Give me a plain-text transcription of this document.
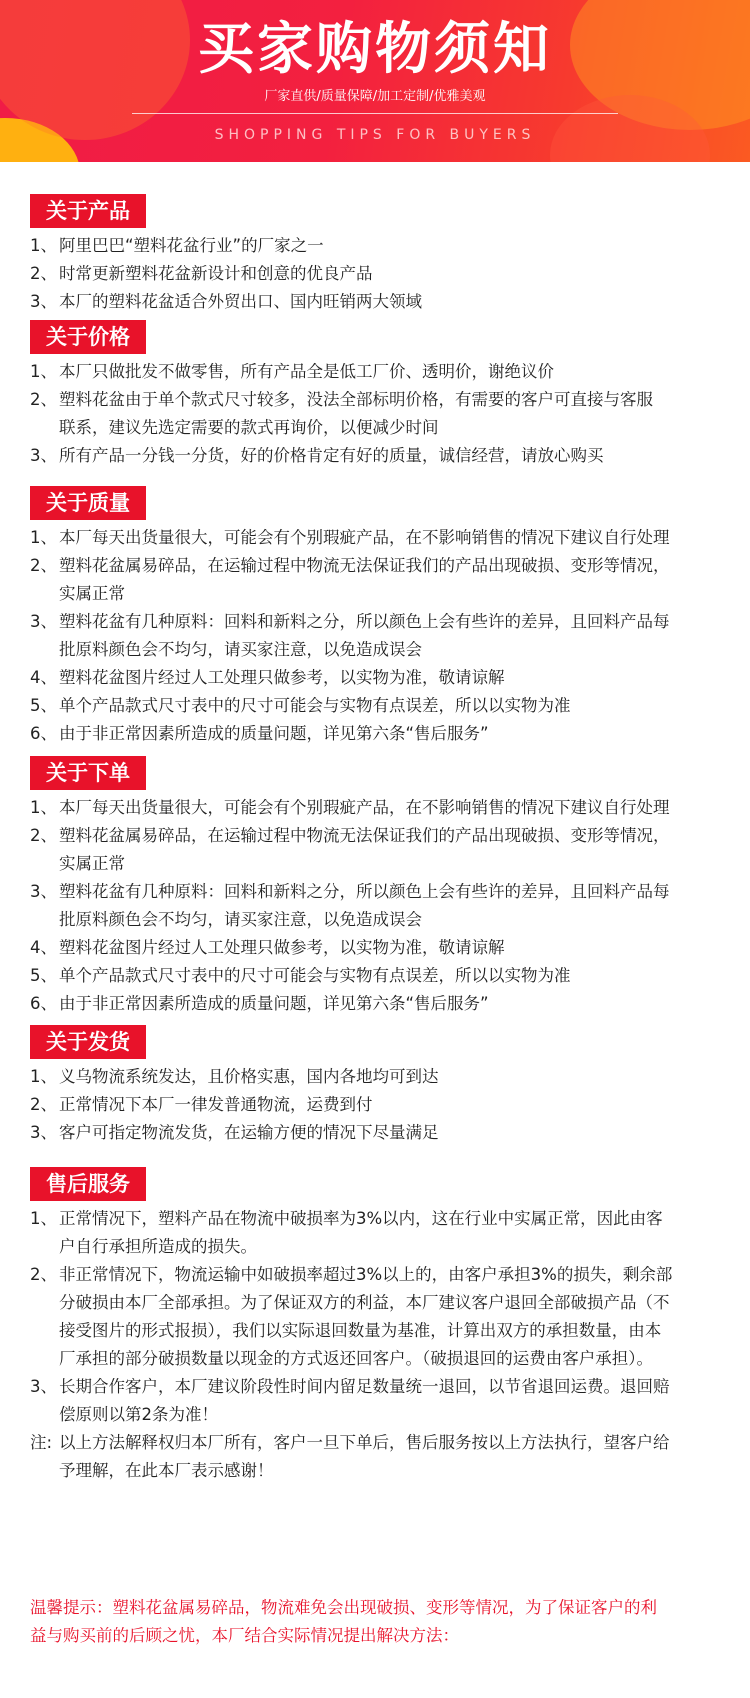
买家购物须知
厂家直供/质量保障/加工定制/优雅美观
SHOPPING TIPS FOR BUYERS
关于产品
1、 阿里巴巴“塑料花盆行业”的厂家之一
2、 时常更新塑料花盆新设计和创意的优良产品
3、 本厂的塑料花盆适合外贸出口、国内旺销两大领域
关于价格
1、 本厂只做批发不做零售，所有产品全是低工厂价、透明价，谢绝议价
2、 塑料花盆由于单个款式尺寸较多，没法全部标明价格，有需要的客户可直接与客服
联系，建议先选定需要的款式再询价，以便减少时间
3、 所有产品一分钱一分货，好的价格肯定有好的质量，诚信经营，请放心购买
关于质量
1、 本厂每天出货量很大，可能会有个别瑕疵产品，在不影响销售的情况下建议自行处理
2、 塑料花盆属易碎品，在运输过程中物流无法保证我们的产品出现破损、变形等情况，
实属正常
3、 塑料花盆有几种原料：回料和新料之分，所以颜色上会有些许的差异，且回料产品每
批原料颜色会不均匀，请买家注意，以免造成误会
4、 塑料花盆图片经过人工处理只做参考，以实物为准，敬请谅解
5、 单个产品款式尺寸表中的尺寸可能会与实物有点误差，所以以实物为准
6、 由于非正常因素所造成的质量问题，详见第六条“售后服务”
关于下单
1、 本厂每天出货量很大，可能会有个别瑕疵产品，在不影响销售的情况下建议自行处理
2、 塑料花盆属易碎品，在运输过程中物流无法保证我们的产品出现破损、变形等情况，
实属正常
3、 塑料花盆有几种原料：回料和新料之分，所以颜色上会有些许的差异，且回料产品每
批原料颜色会不均匀，请买家注意，以免造成误会
4、 塑料花盆图片经过人工处理只做参考，以实物为准，敬请谅解
5、 单个产品款式尺寸表中的尺寸可能会与实物有点误差，所以以实物为准
6、 由于非正常因素所造成的质量问题，详见第六条“售后服务”
关于发货
1、 义乌物流系统发达，且价格实惠，国内各地均可到达
2、 正常情况下本厂一律发普通物流，运费到付
3、 客户可指定物流发货，在运输方便的情况下尽量满足
售后服务
1、 正常情况下，塑料产品在物流中破损率为3%以内，这在行业中实属正常，因此由客
户自行承担所造成的损失。
2、 非正常情况下，物流运输中如破损率超过3%以上的，由客户承担3%的损失，剩余部
分破损由本厂全部承担。为了保证双方的利益，本厂建议客户退回全部破损产品（不
接受图片的形式报损），我们以实际退回数量为基准，计算出双方的承担数量，由本
厂承担的部分破损数量以现金的方式返还回客户。（破损退回的运费由客户承担）。
3、 长期合作客户，本厂建议阶段性时间内留足数量统一退回，以节省退回运费。退回赔
偿原则以第2条为准！
注: 以上方法解释权归本厂所有，客户一旦下单后，售后服务按以上方法执行，望客户给
予理解，在此本厂表示感谢！
温馨提示：塑料花盆属易碎品，物流难免会出现破损、变形等情况，为了保证客户的利
益与购买前的后顾之忧，本厂结合实际情况提出解决方法：
